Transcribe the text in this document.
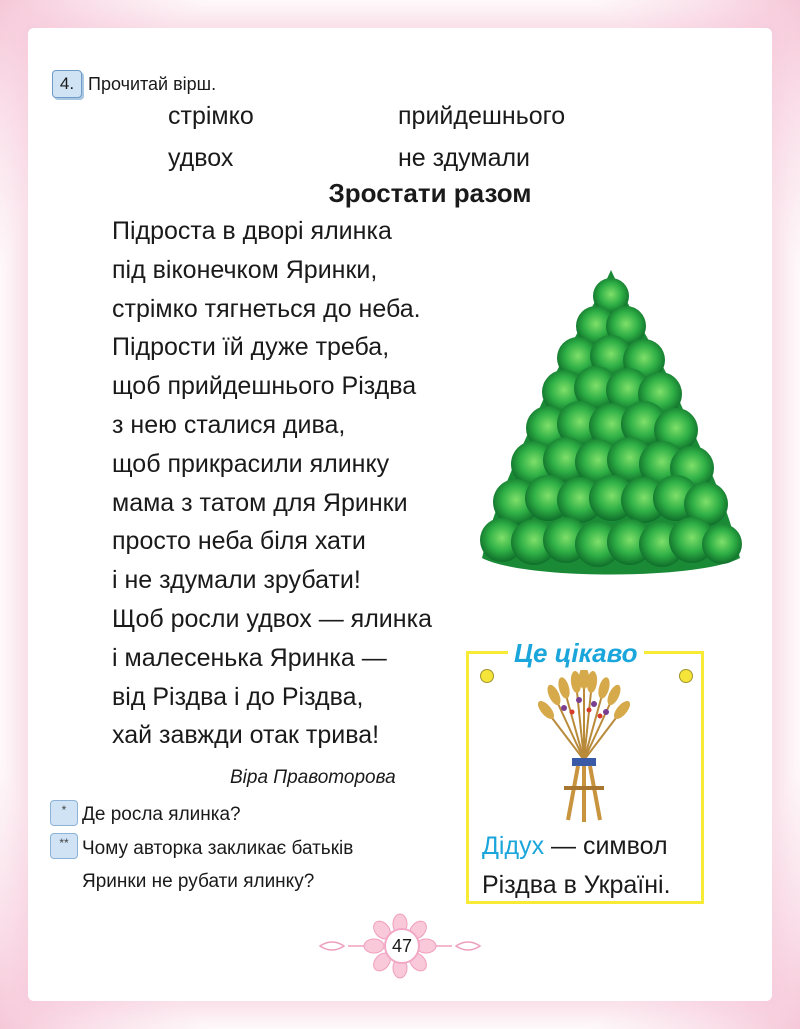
4. Прочитай вірш.
стрімко	прийдешнього
удвох	не здумали
Зростати разом
Підроста в дворі ялинка
під віконечком Яринки,
стрімко тягнеться до неба.
Підрости їй дуже треба,
щоб прийдешнього Різдва
з нею сталися дива,
щоб прикрасили ялинку
мама з татом для Яринки
просто неба біля хати
і не здумали зрубати!
Щоб росли удвох — ялинка
і малесенька Яринка —
від Різдва і до Різдва,
хай завжди отак трива!
Віра Правоторова
* Де росла ялинка?
** Чому авторка закликає батьків
Яринки не рубати ялинку?
Це цікаво
Дідух — символ
Різдва в Україні.
47
